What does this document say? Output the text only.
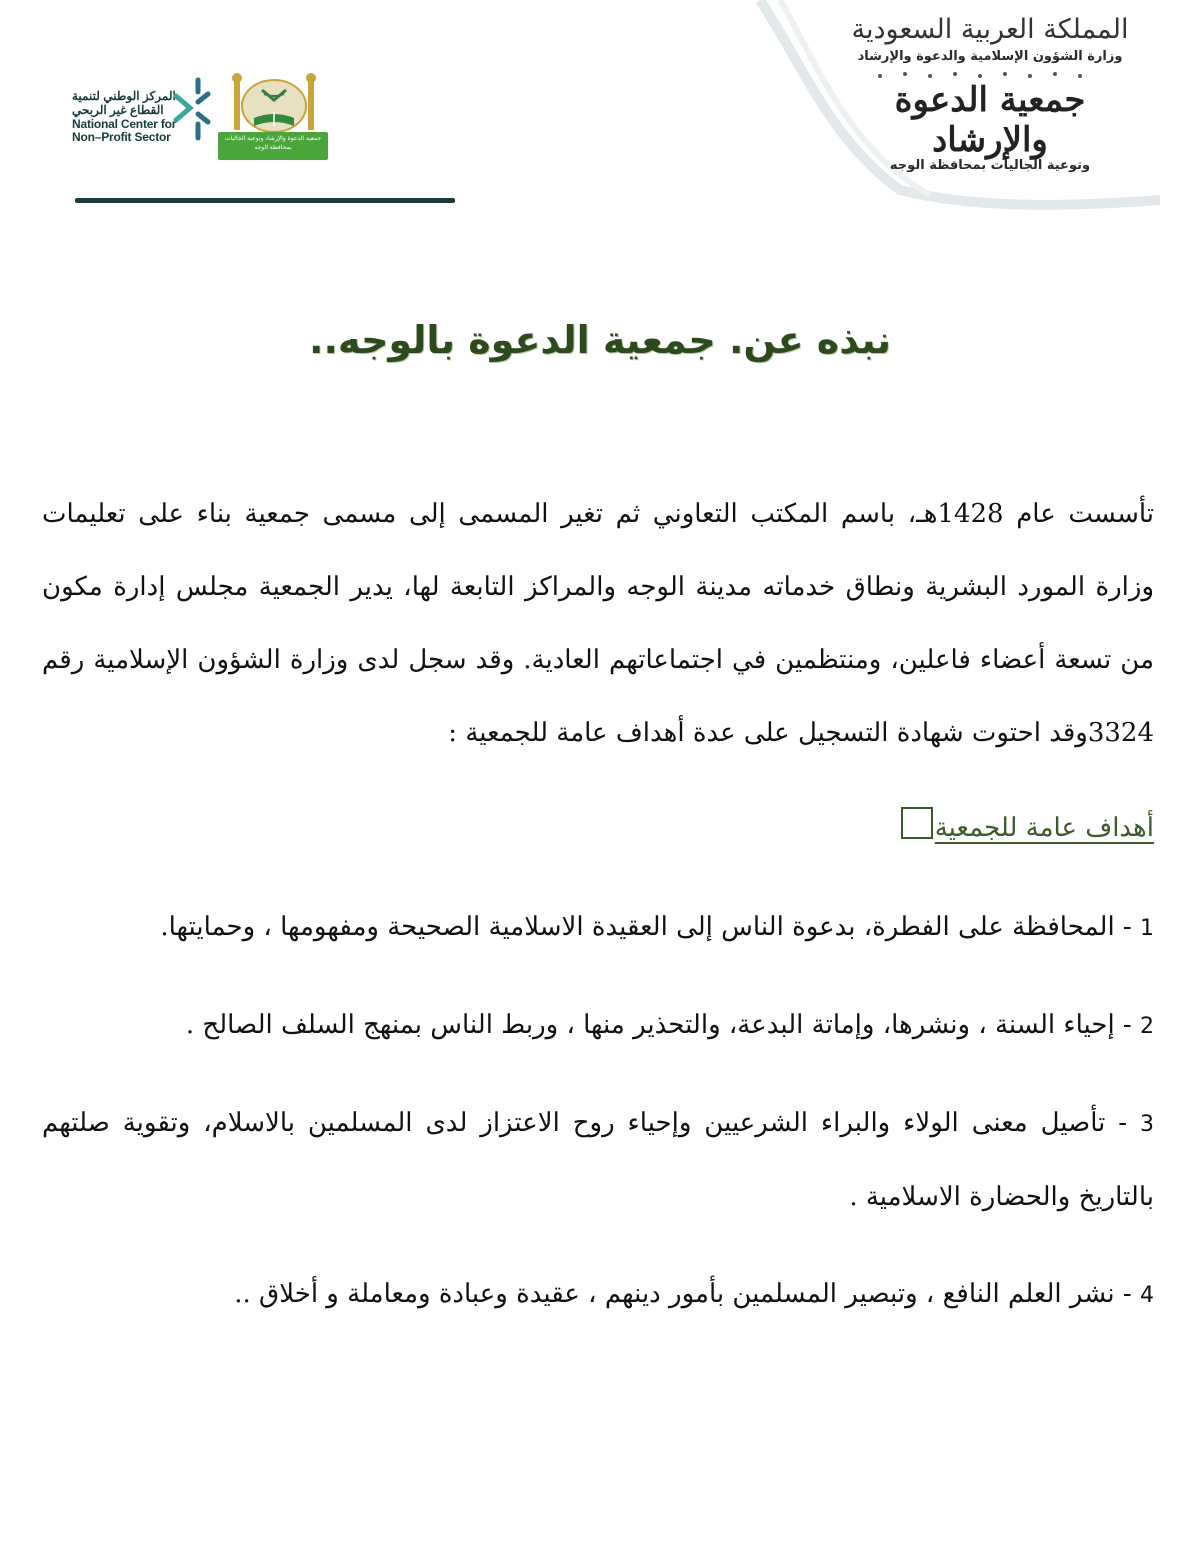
المركز الوطني لتنمية
القطاع غير الربحي
National Center for
Non–Profit Sector	جمعية الدعوة والإرشاد وتوعية الجاليات بمحافظة الوجه
المملكة العربية السعودية
وزارة الشؤون الإسلامية والدعوة والإرشاد
جمعية الدعوة والإرشاد
وتوعية الجاليات بمحافظة الوجه
نبذه عن. جمعية الدعوة بالوجه..

تأسست عام 1428هـ، باسم المكتب التعاوني ثم تغير المسمى إلى مسمى جمعية بناء على تعليمات وزارة المورد البشرية ونطاق خدماته مدينة الوجه والمراكز التابعة لها، يدير الجمعية مجلس إدارة مكون من تسعة أعضاء فاعلين، ومنتظمين في اجتماعاتهم العادية. وقد سجل لدى وزارة الشؤون الإسلامية رقم 3324وقد احتوت شهادة التسجيل على عدة أهداف عامة للجمعية :

أهداف عامة للجمعية

1 - المحافظة على الفطرة، بدعوة الناس إلى العقيدة الاسلامية الصحيحة ومفهومها ، وحمايتها.

2 - إحياء السنة ، ونشرها، وإماتة البدعة، والتحذير منها ، وربط الناس بمنهج السلف الصالح .

3 - تأصيل معنى الولاء والبراء الشرعيين وإحياء روح الاعتزاز لدى المسلمين بالاسلام، وتقوية صلتهم بالتاريخ والحضارة الاسلامية .

4 - نشر العلم النافع ، وتبصير المسلمين بأمور دينهم ، عقيدة وعبادة ومعاملة و أخلاق ..
